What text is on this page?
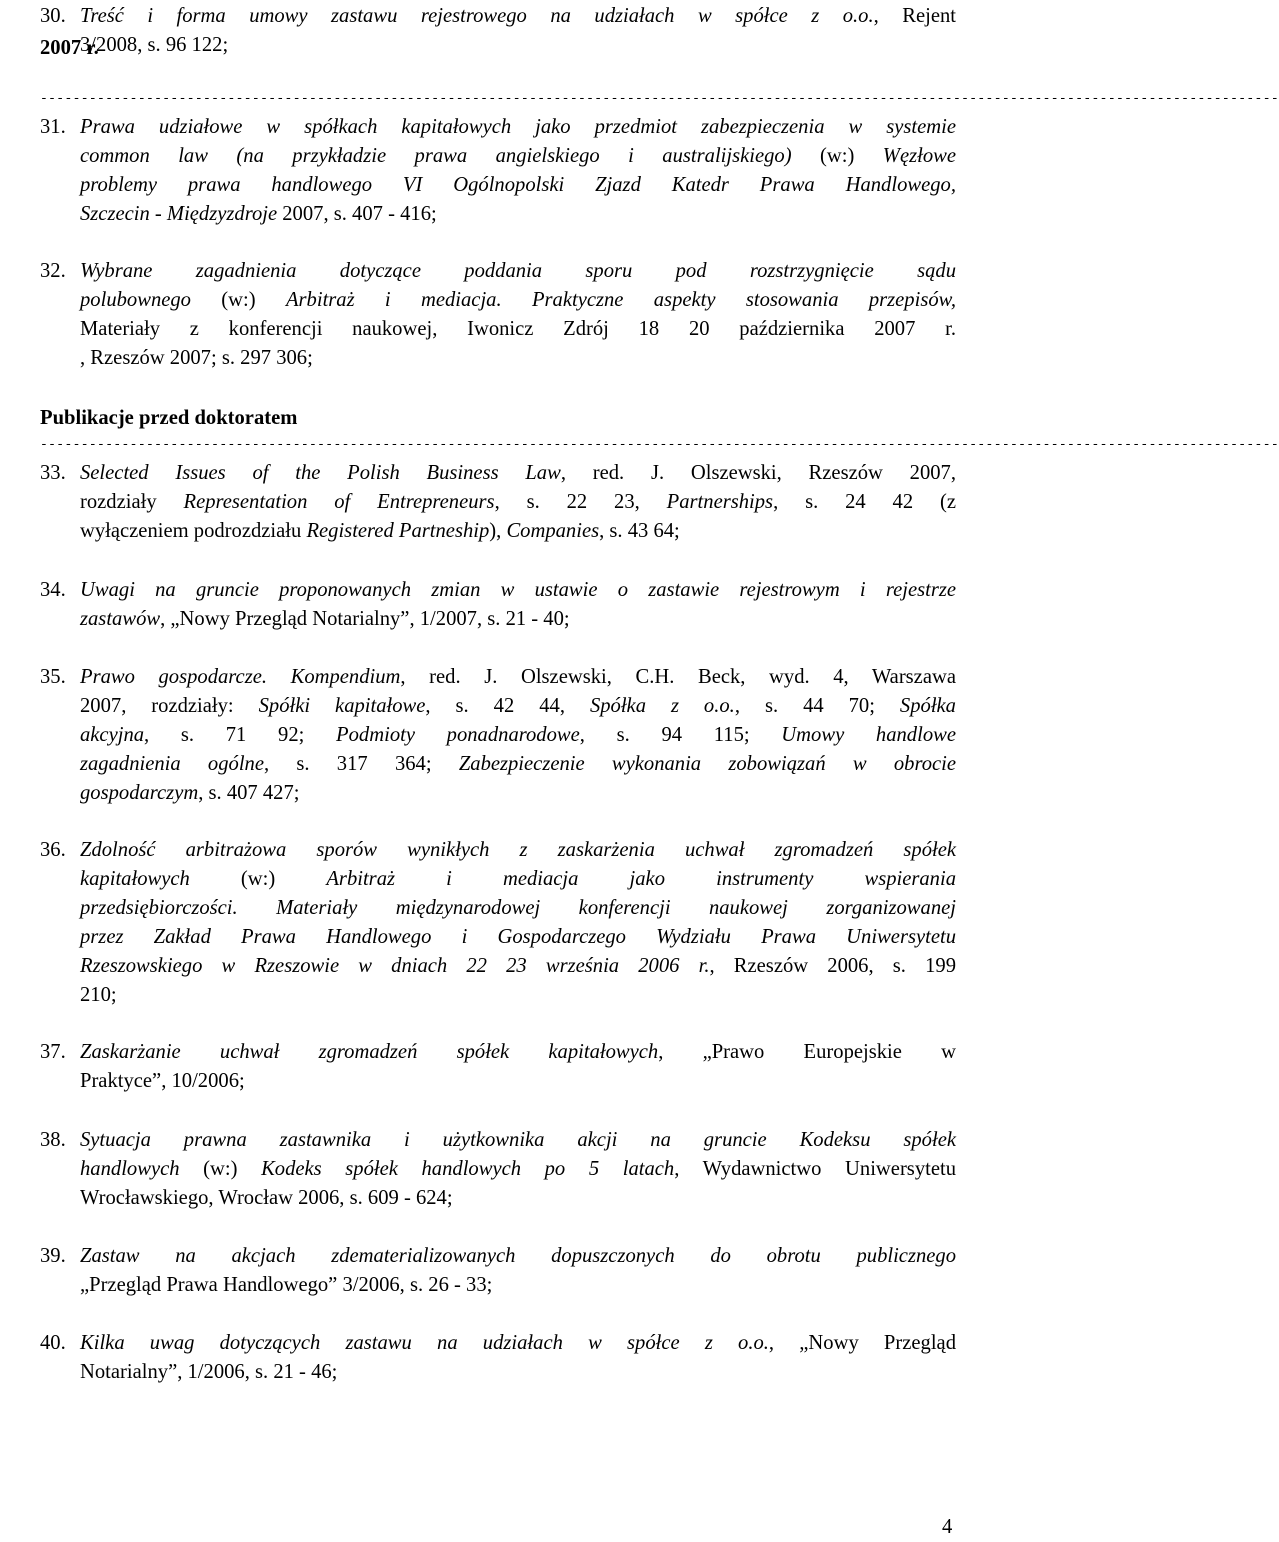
30. Treść i forma umowy zastawu rejestrowego na udziałach w spółce z o.o., Rejent
3/2008, s. 96 122;
2007 r.
--------------------------------------------------------------------------------------------------------------------------------------------------------
31. Prawa udziałowe w spółkach kapitałowych jako przedmiot zabezpieczenia w systemie
common law (na przykładzie prawa angielskiego i australijskiego) (w:) Węzłowe
problemy prawa handlowego VI Ogólnopolski Zjazd Katedr Prawa Handlowego,
Szczecin - Międzyzdroje 2007, s. 407 - 416;
32. Wybrane zagadnienia dotyczące poddania sporu pod rozstrzygnięcie sądu
polubownego (w:) Arbitraż i mediacja. Praktyczne aspekty stosowania przepisów,
Materiały z konferencji naukowej, Iwonicz Zdrój 18 20 października 2007 r.
, Rzeszów 2007; s. 297 306;
Publikacje przed doktoratem
--------------------------------------------------------------------------------------------------------------------------------------------------------
33. Selected Issues of the Polish Business Law, red. J. Olszewski, Rzeszów 2007,
rozdziały Representation of Entrepreneurs, s. 22 23, Partnerships, s. 24 42 (z
wyłączeniem podrozdziału Registered Partneship), Companies, s. 43 64;
34. Uwagi na gruncie proponowanych zmian w ustawie o zastawie rejestrowym i rejestrze
zastawów, „Nowy Przegląd Notarialny”, 1/2007, s. 21 - 40;
35. Prawo gospodarcze. Kompendium, red. J. Olszewski, C.H. Beck, wyd. 4, Warszawa
2007, rozdziały: Spółki kapitałowe, s. 42 44, Spółka z o.o., s. 44 70; Spółka
akcyjna, s. 71 92; Podmioty ponadnarodowe, s. 94 115; Umowy handlowe
zagadnienia ogólne, s. 317 364; Zabezpieczenie wykonania zobowiązań w obrocie
gospodarczym, s. 407 427;
36. Zdolność arbitrażowa sporów wynikłych z zaskarżenia uchwał zgromadzeń spółek
kapitałowych (w:) Arbitraż i mediacja jako instrumenty wspierania
przedsiębiorczości. Materiały międzynarodowej konferencji naukowej zorganizowanej
przez Zakład Prawa Handlowego i Gospodarczego Wydziału Prawa Uniwersytetu
Rzeszowskiego w Rzeszowie w dniach 22 23 września 2006 r., Rzeszów 2006, s. 199
210;
37. Zaskarżanie uchwał zgromadzeń spółek kapitałowych, „Prawo Europejskie w
Praktyce”, 10/2006;
38. Sytuacja prawna zastawnika i użytkownika akcji na gruncie Kodeksu spółek
handlowych (w:) Kodeks spółek handlowych po 5 latach, Wydawnictwo Uniwersytetu
Wrocławskiego, Wrocław 2006, s. 609 - 624;
39. Zastaw na akcjach zdematerializowanych dopuszczonych do obrotu publicznego
„Przegląd Prawa Handlowego” 3/2006, s. 26 - 33;
40. Kilka uwag dotyczących zastawu na udziałach w spółce z o.o., „Nowy Przegląd
Notarialny”, 1/2006, s. 21 - 46;
4
